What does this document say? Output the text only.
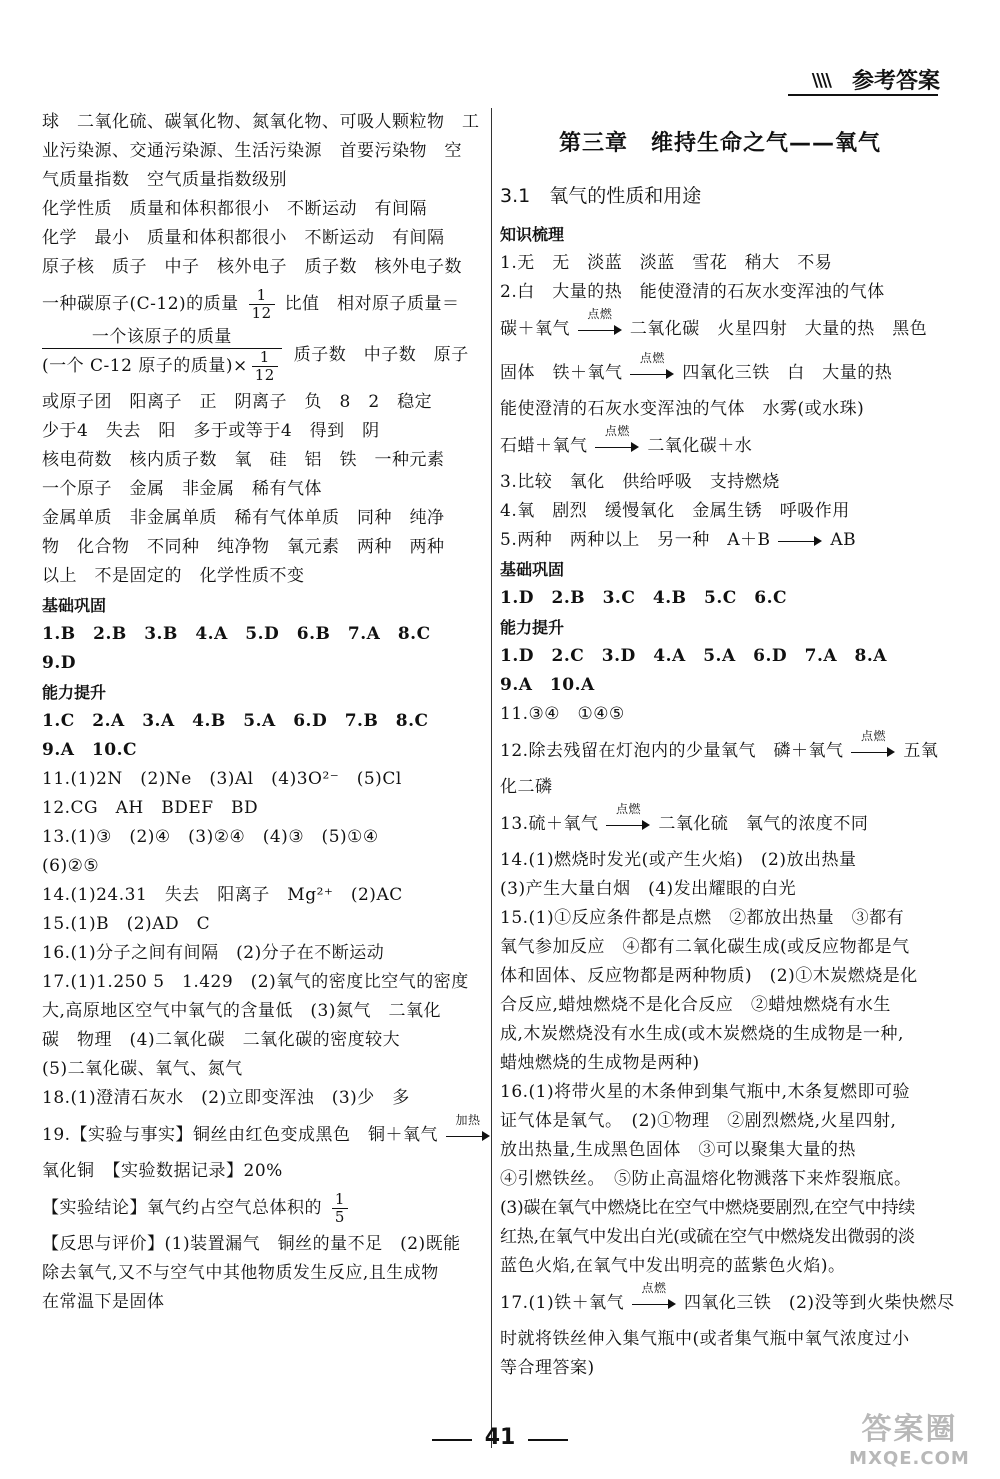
\\\\ 参考答案
球　二氧化硫、碳氧化物、氮氧化物、可吸人颗粒物　工
业污染源、交通污染源、生活污染源　首要污染物　空
气质量指数　空气质量指数级别
化学性质　质量和体积都很小　不断运动　有间隔
化学　最小　质量和体积都很小　不断运动　有间隔
原子核　质子　中子　核外电子　质子数　核外电子数
一种碳原子(C-12)的质量 $\frac{1}{12}$ 比值　相对原子质量＝
$\frac{\text{一个该原子的质量}}{(一个 C-12 原子的质量)\times \frac{1}{12}}$ 质子数　中子数　原子
或原子团　阳离子　正　阴离子　负　8　2　稳定
少于4　失去　阳　多于或等于4　得到　阴
核电荷数　核内质子数　氧　硅　铝　铁　一种元素
一个原子　金属　非金属　稀有气体
金属单质　非金属单质　稀有气体单质　同种　纯净
物　化合物　不同种　纯净物　氧元素　两种　两种
以上　不是固定的　化学性质不变
基础巩固
1.B　2.B　3.B　4.A　5.D　6.B　7.A　8.C
9.D
能力提升
1.C　2.A　3.A　4.B　5.A　6.D　7.B　8.C
9.A　10.C
11.(1)2N　(2)Ne　(3)Al　(4)3O²⁻　(5)Cl
12.CG　AH　BDEF　BD
13.(1)③　(2)④　(3)②④　(4)③　(5)①④
(6)②⑤
14.(1)24.31　失去　阳离子　Mg²⁺　(2)AC
15.(1)B　(2)AD　C
16.(1)分子之间有间隔　(2)分子在不断运动
17.(1)1.250 5　1.429　(2)氧气的密度比空气的密度
大,高原地区空气中氧气的含量低　(3)氮气　二氧化
碳　物理　(4)二氧化碳　二氧化碳的密度较大
(5)二氧化碳、氧气、氮气
18.(1)澄清石灰水　(2)立即变浑浊　(3)少　多
19.【实验与事实】铜丝由红色变成黑色　铜＋氧气
加热
氧化铜　【实验数据记录】20%
【实验结论】氧气约占空气总体积的 $\frac{1}{5}$
【反思与评价】(1)装置漏气　铜丝的量不足　(2)既能
除去氧气,又不与空气中其他物质发生反应,且生成物
在常温下是固体
第三章　维持生命之气——氧气
3.1　氧气的性质和用途
知识梳理
1.无　无　淡蓝　淡蓝　雪花　稍大　不易
2.白　大量的热　能使澄清的石灰水变浑浊的气体
碳＋氧气
点燃
二氧化碳　火星四射　大量的热　黑色
固体　铁＋氧气
点燃
四氧化三铁　白　大量的热
能使澄清的石灰水变浑浊的气体　水雾(或水珠)
石蜡＋氧气
点燃
二氧化碳＋水
3.比较　氧化　供给呼吸　支持燃烧
4.氧　剧烈　缓慢氧化　金属生锈　呼吸作用
5.两种　两种以上　另一种　A＋B	AB
基础巩固
1.D　2.B　3.C　4.B　5.C　6.C
能力提升
1.D　2.C　3.D　4.A　5.A　6.D　7.A　8.A
9.A　10.A
11.③④　①④⑤
12.除去残留在灯泡内的少量氧气　磷＋氧气
点燃
五氧
化二磷
13.硫＋氧气
点燃
二氧化硫　氧气的浓度不同
14.(1)燃烧时发光(或产生火焰)　(2)放出热量
(3)产生大量白烟　(4)发出耀眼的白光
15.(1)①反应条件都是点燃　②都放出热量　③都有
氧气参加反应　④都有二氧化碳生成(或反应物都是气
体和固体、反应物都是两种物质)　(2)①木炭燃烧是化
合反应,蜡烛燃烧不是化合反应　②蜡烛燃烧有水生
成,木炭燃烧没有水生成(或木炭燃烧的生成物是一种,
蜡烛燃烧的生成物是两种)
16.(1)将带火星的木条伸到集气瓶中,木条复燃即可验
证气体是氧气。　(2)①物理　②剧烈燃烧,火星四射,
放出热量,生成黑色固体　③可以聚集大量的热
④引燃铁丝。　⑤防止高温熔化物溅落下来炸裂瓶底。
(3)碳在氧气中燃烧比在空气中燃烧要剧烈,在空气中持续
红热,在氧气中发出白光(或硫在空气中燃烧发出微弱的淡
蓝色火焰,在氧气中发出明亮的蓝紫色火焰)。
17.(1)铁＋氧气
点燃
四氧化三铁　(2)没等到火柴快燃尽
时就将铁丝伸入集气瓶中(或者集气瓶中氧气浓度过小
等合理答案)
41	答案圈
MXQE.COM
